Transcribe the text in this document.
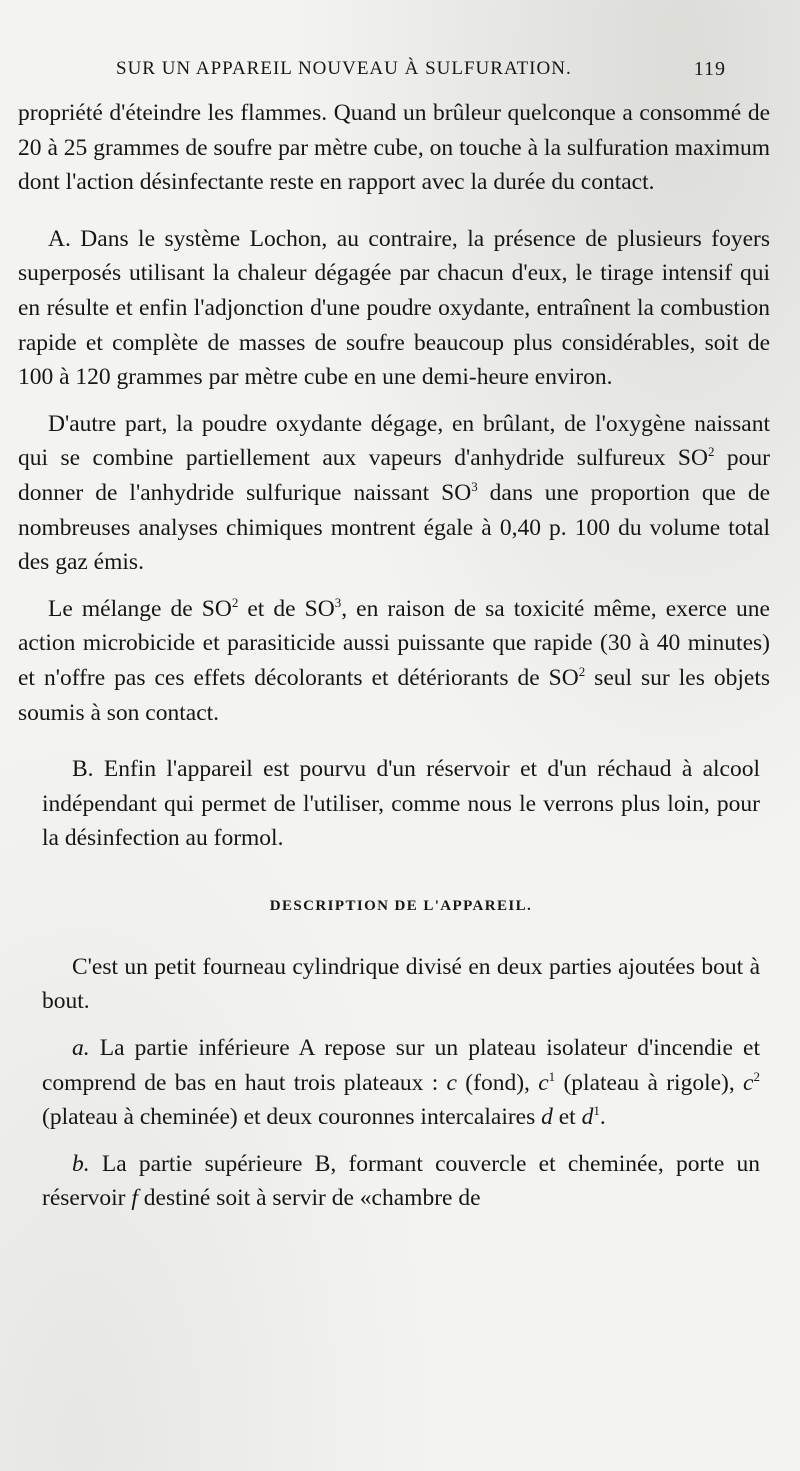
SUR UN APPAREIL NOUVEAU À SULFURATION.	119

propriété d'éteindre les flammes. Quand un brûleur quelconque a consommé de 20 à 25 grammes de soufre par mètre cube, on touche à la sulfuration maximum dont l'action désinfectante reste en rapport avec la durée du contact.

A. Dans le système Lochon, au contraire, la présence de plusieurs foyers superposés utilisant la chaleur dégagée par chacun d'eux, le tirage intensif qui en résulte et enfin l'adjonction d'une poudre oxydante, entraînent la combustion rapide et complète de masses de soufre beaucoup plus considérables, soit de 100 à 120 grammes par mètre cube en une demi-heure environ.

D'autre part, la poudre oxydante dégage, en brûlant, de l'oxygène naissant qui se combine partiellement aux vapeurs d'anhydride sulfureux $SO^2$ pour donner de l'anhydride sulfurique naissant $SO^3$ dans une proportion que de nombreuses analyses chimiques montrent égale à 0,40 p. 100 du volume total des gaz émis.

Le mélange de $SO^2$ et de $SO^3$, en raison de sa toxicité même, exerce une action microbicide et parasiticide aussi puissante que rapide (30 à 40 minutes) et n'offre pas ces effets décolorants et détériorants de $SO^2$ seul sur les objets soumis à son contact.

B. Enfin l'appareil est pourvu d'un réservoir et d'un réchaud à alcool indépendant qui permet de l'utiliser, comme nous le verrons plus loin, pour la désinfection au formol.

DESCRIPTION DE L'APPAREIL.

C'est un petit fourneau cylindrique divisé en deux parties ajoutées bout à bout.

a. La partie inférieure A repose sur un plateau isolateur d'incendie et comprend de bas en haut trois plateaux : c (fond), $c^1$ (plateau à rigole), $c^2$ (plateau à cheminée) et deux couronnes intercalaires d et $d^1$.

b. La partie supérieure B, formant couvercle et cheminée, porte un réservoir f destiné soit à servir de «chambre de
